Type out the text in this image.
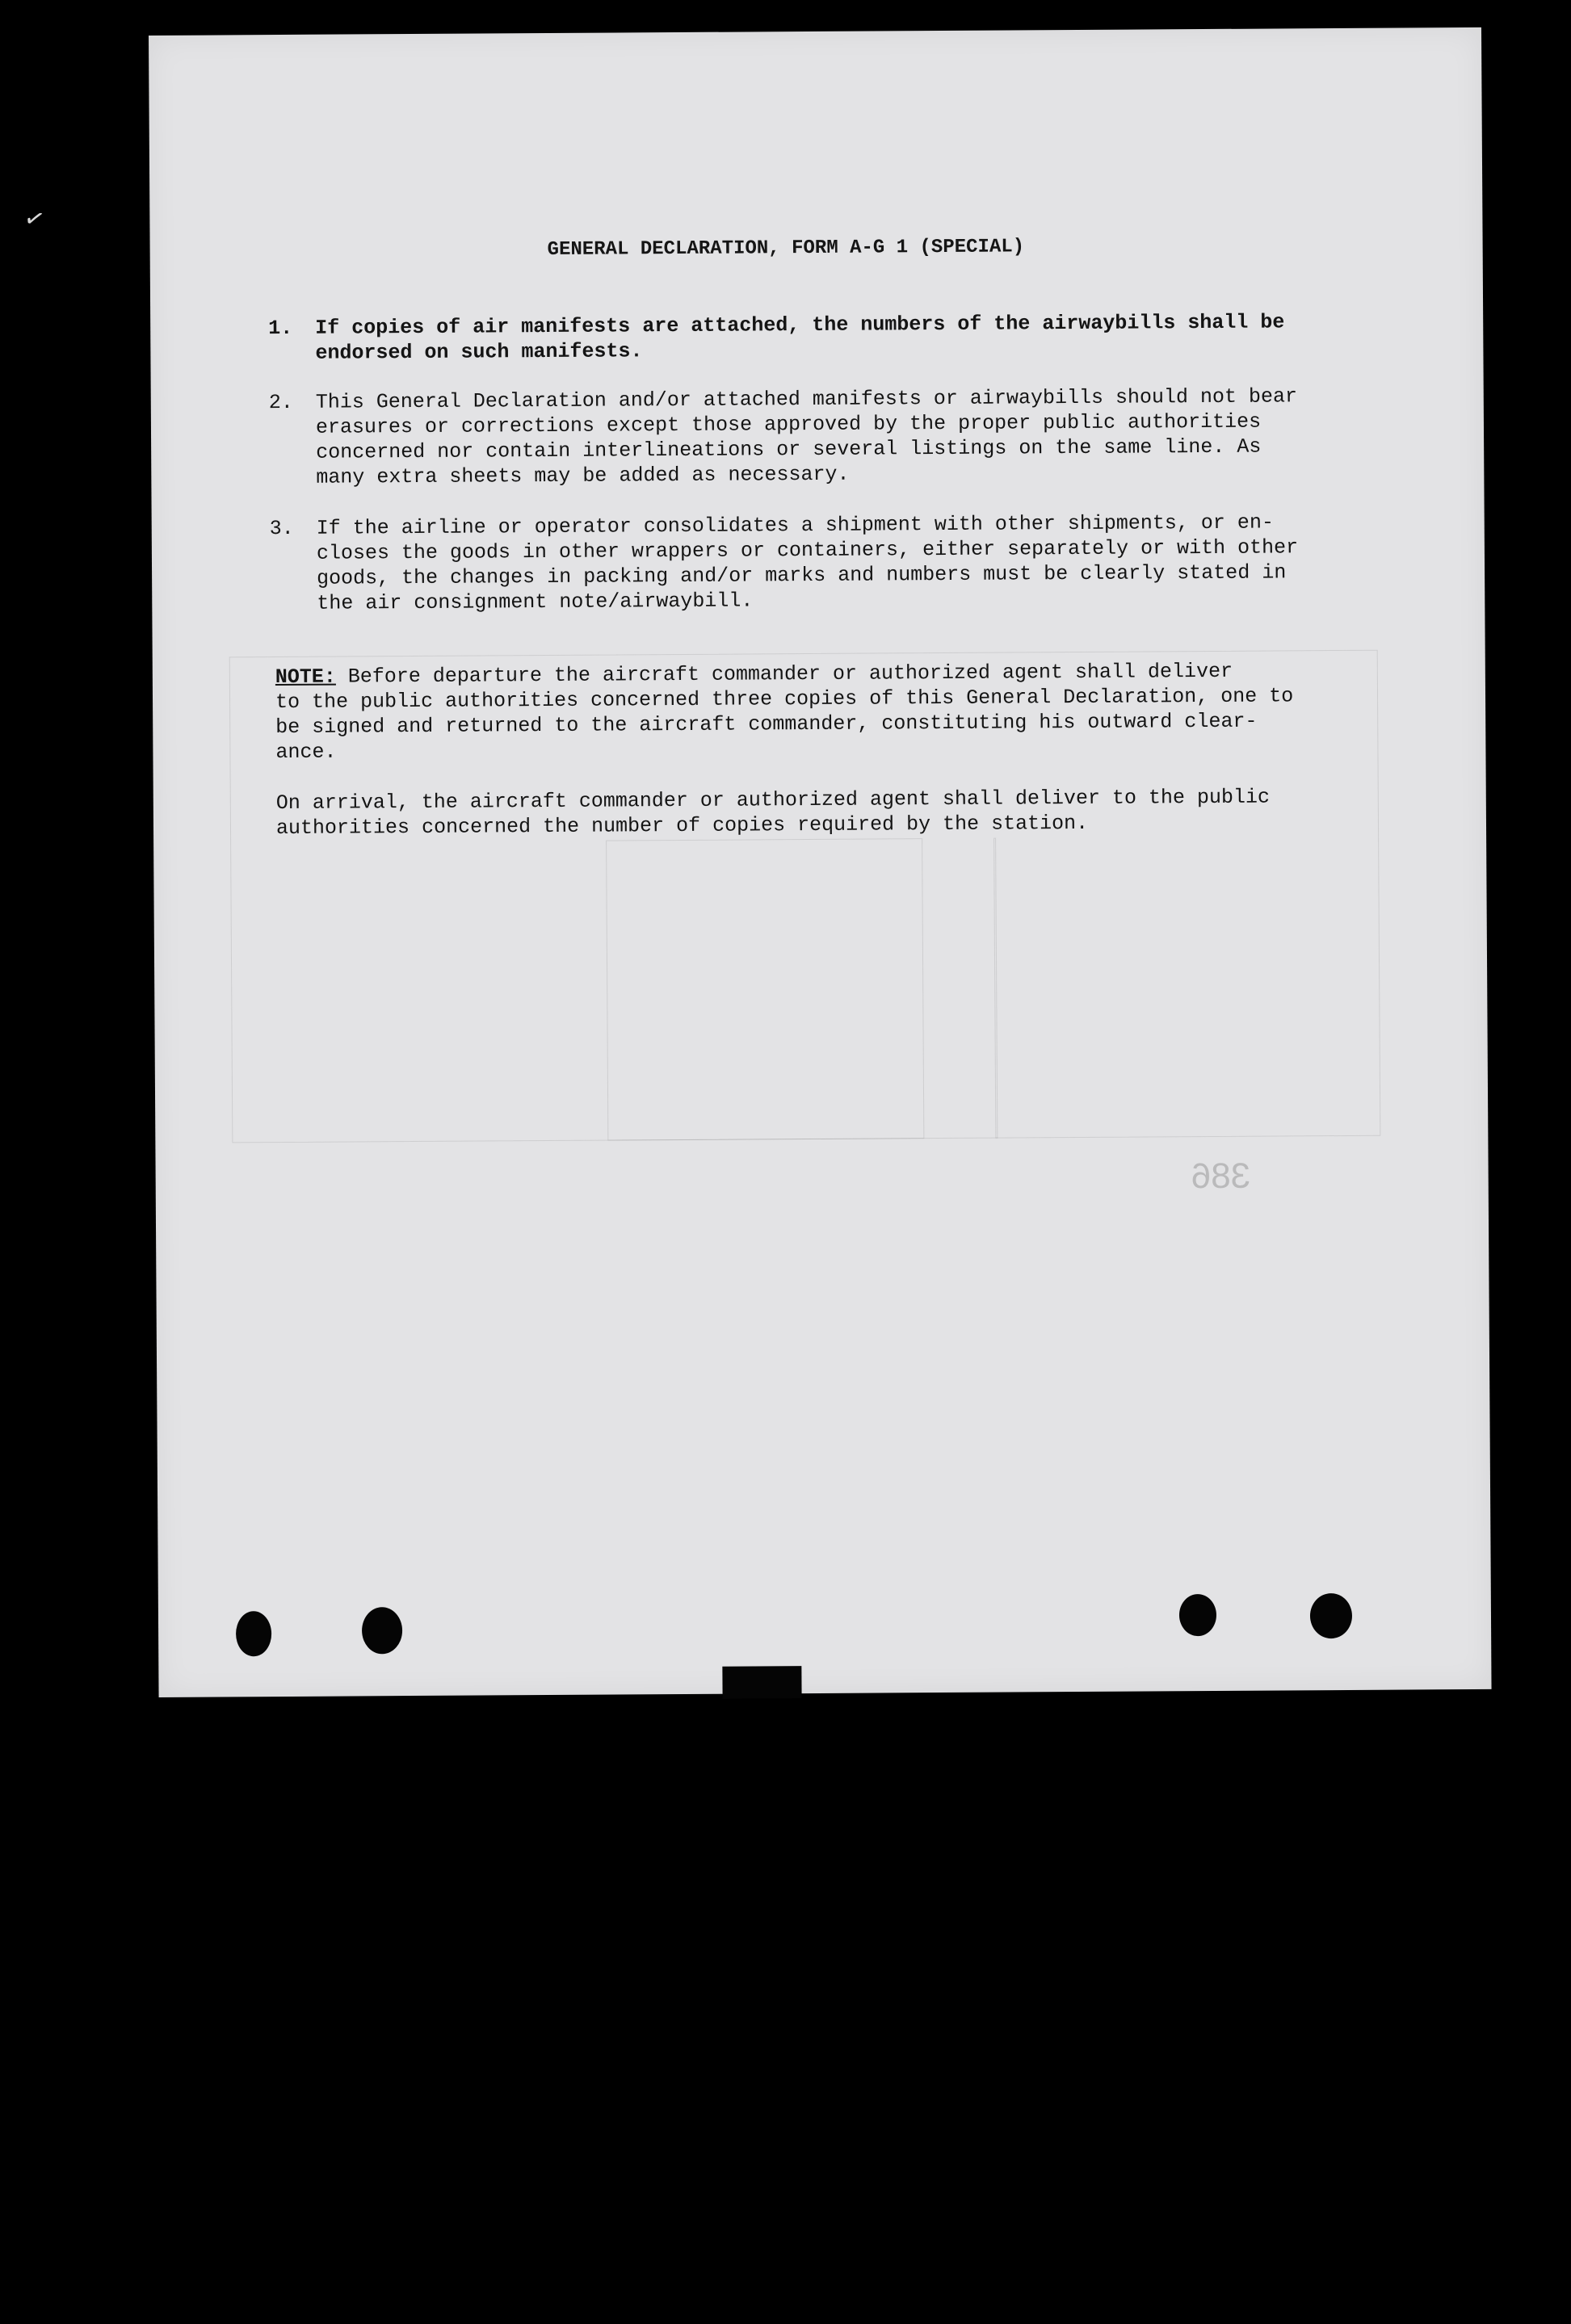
✓
386
GENERAL DECLARATION, FORM A-G 1 (SPECIAL)
1.	If copies of air manifests are attached, the numbers of the airwaybills shall be
endorsed on such manifests.
2.	This General Declaration and/or attached manifests or airwaybills should not bear
erasures or corrections except those approved by the proper public authorities
concerned nor contain interlineations or several listings on the same line. As
many extra sheets may be added as necessary.
3.	If the airline or operator consolidates a shipment with other shipments, or en-
closes the goods in other wrappers or containers, either separately or with other
goods, the changes in packing and/or marks and numbers must be clearly stated in
the air consignment note/airwaybill.
NOTE: Before departure the aircraft commander or authorized agent shall deliver
to the public authorities concerned three copies of this General Declaration, one to
be signed and returned to the aircraft commander, constituting his outward clear-
ance.
On arrival, the aircraft commander or authorized agent shall deliver to the public
authorities concerned the number of copies required by the station.
